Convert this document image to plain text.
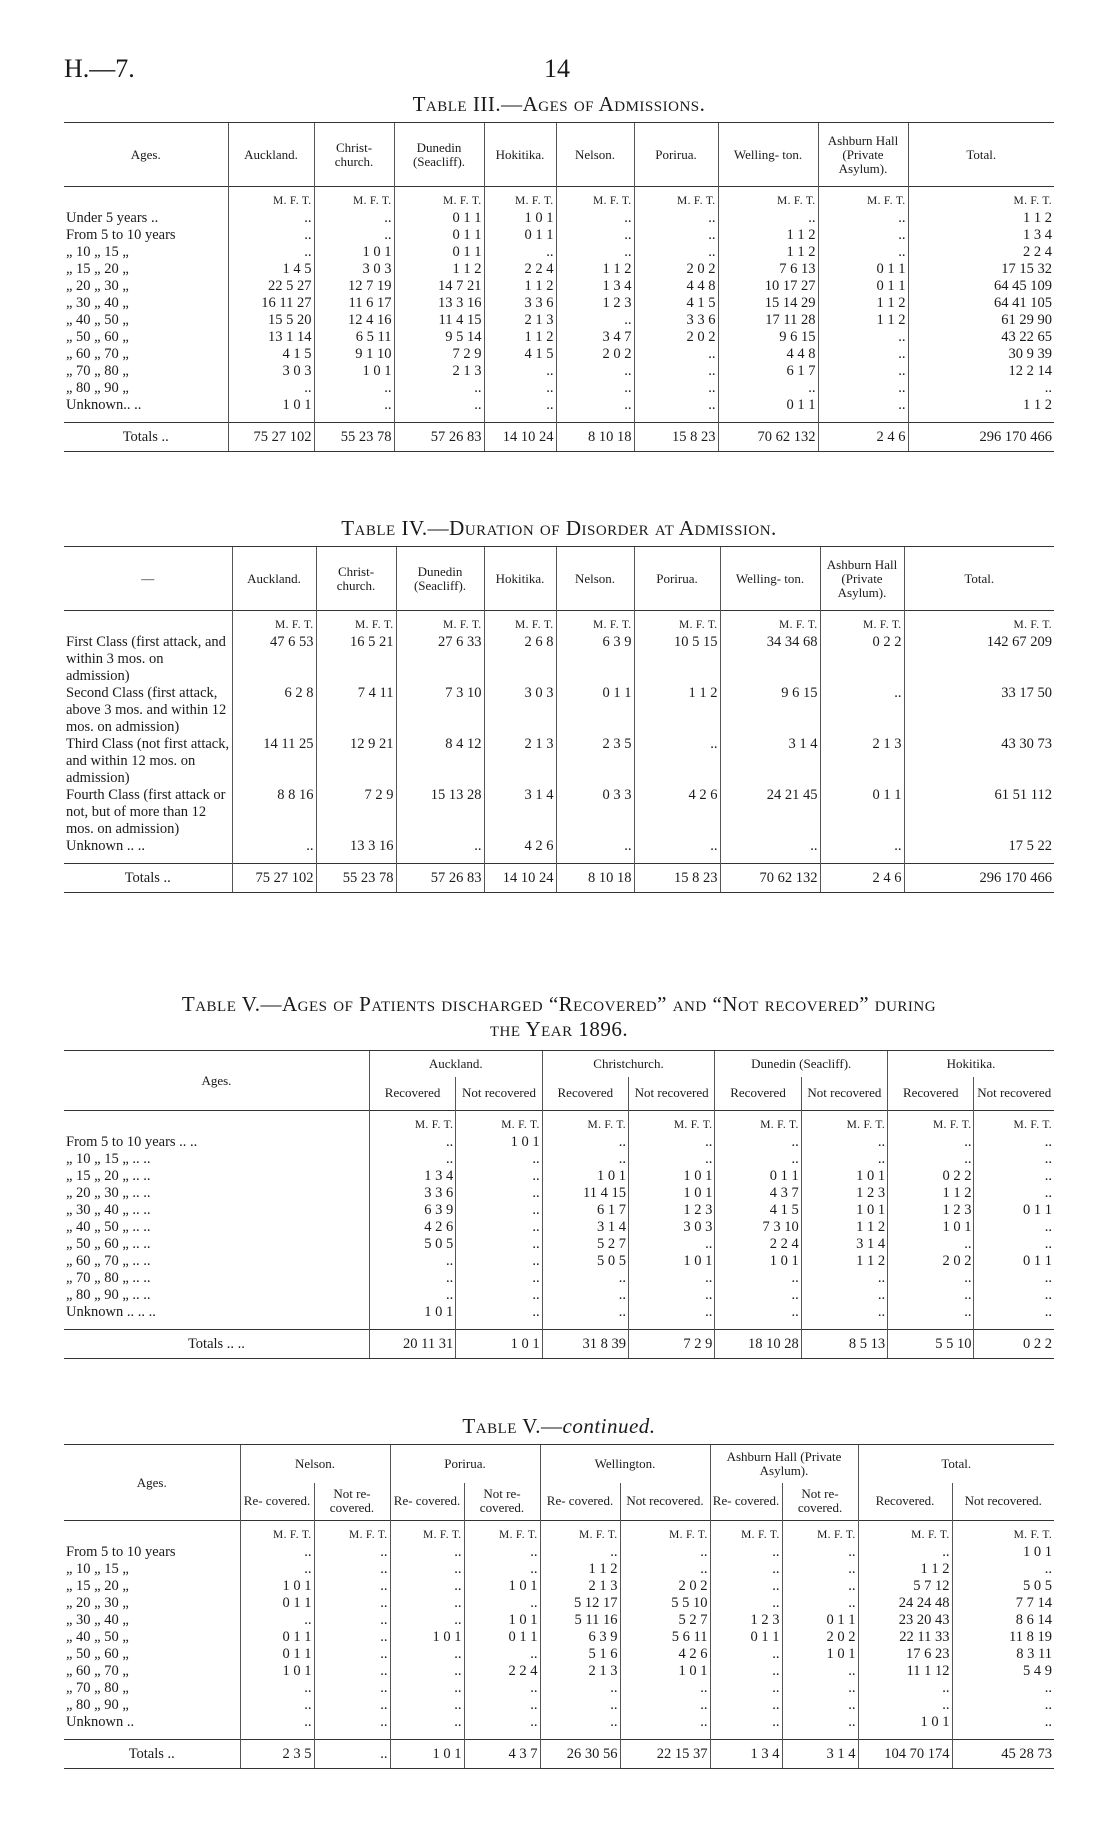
H.—7.	14
Table III.—Ages of Admissions.
Ages.	Auckland.	Christ- church.	Dunedin (Seacliff).	Hokitika.	Nelson.	Porirua.	Welling- ton.	Ashburn Hall (Private Asylum).	Total.
	M. F. T.	M. F. T.	M. F. T.	M. F. T.	M. F. T.	M. F. T.	M. F. T.	M. F. T.	M. F. T.
Under 5 years ..	..	..	0 1 1	1 0 1	..	..	..	..	1 1 2
From 5 to 10 years	..	..	0 1 1	0 1 1	..	..	1 1 2	..	1 3 4
„ 10 „ 15 „	..	1 0 1	0 1 1	..	..	..	1 1 2	..	2 2 4
„ 15 „ 20 „	1 4 5	3 0 3	1 1 2	2 2 4	1 1 2	2 0 2	7 6 13	0 1 1	17 15 32
„ 20 „ 30 „	22 5 27	12 7 19	14 7 21	1 1 2	1 3 4	4 4 8	10 17 27	0 1 1	64 45 109
„ 30 „ 40 „	16 11 27	11 6 17	13 3 16	3 3 6	1 2 3	4 1 5	15 14 29	1 1 2	64 41 105
„ 40 „ 50 „	15 5 20	12 4 16	11 4 15	2 1 3	..	3 3 6	17 11 28	1 1 2	61 29 90
„ 50 „ 60 „	13 1 14	6 5 11	9 5 14	1 1 2	3 4 7	2 0 2	9 6 15	..	43 22 65
„ 60 „ 70 „	4 1 5	9 1 10	7 2 9	4 1 5	2 0 2	..	4 4 8	..	30 9 39
„ 70 „ 80 „	3 0 3	1 0 1	2 1 3	..	..	..	6 1 7	..	12 2 14
„ 80 „ 90 „	..	..	..	..	..	..	..	..	..
Unknown.. ..	1 0 1	..	..	..	..	..	0 1 1	..	1 1 2

Totals ..	75 27 102	55 23 78	57 26 83	14 10 24	8 10 18	15 8 23	70 62 132	2 4 6	296 170 466
Table IV.—Duration of Disorder at Admission.
—	Auckland.	Christ- church.	Dunedin (Seacliff).	Hokitika.	Nelson.	Porirua.	Welling- ton.	Ashburn Hall (Private Asylum).	Total.
	M. F. T.	M. F. T.	M. F. T.	M. F. T.	M. F. T.	M. F. T.	M. F. T.	M. F. T.	M. F. T.
First Class (first attack, and within 3 mos. on admission)	47 6 53	16 5 21	27 6 33	2 6 8	6 3 9	10 5 15	34 34 68	0 2 2	142 67 209
Second Class (first attack, above 3 mos. and within 12 mos. on admission)	6 2 8	7 4 11	7 3 10	3 0 3	0 1 1	1 1 2	9 6 15	..	33 17 50
Third Class (not first attack, and within 12 mos. on admission)	14 11 25	12 9 21	8 4 12	2 1 3	2 3 5	..	3 1 4	2 1 3	43 30 73
Fourth Class (first attack or not, but of more than 12 mos. on admission)	8 8 16	7 2 9	15 13 28	3 1 4	0 3 3	4 2 6	24 21 45	0 1 1	61 51 112
Unknown .. ..	..	13 3 16	..	4 2 6	..	..	..	..	17 5 22

Totals ..	75 27 102	55 23 78	57 26 83	14 10 24	8 10 18	15 8 23	70 62 132	2 4 6	296 170 466
Table V.—Ages of Patients discharged “Recovered” and “Not recovered” during
the Year 1896.
Ages.	Auckland.		Christchurch.		Dunedin (Seacliff).		Hokitika.	
	Recovered	Not recovered	Recovered	Not recovered	Recovered	Not recovered	Recovered	Not recovered
	M. F. T.	M. F. T.	M. F. T.	M. F. T.	M. F. T.	M. F. T.	M. F. T.	M. F. T.
From 5 to 10 years .. ..	..	1 0 1	..	..	..	..	..	..
„ 10 „ 15 „ .. ..	..	..	..	..	..	..	..	..
„ 15 „ 20 „ .. ..	1 3 4	..	1 0 1	1 0 1	0 1 1	1 0 1	0 2 2	..
„ 20 „ 30 „ .. ..	3 3 6	..	11 4 15	1 0 1	4 3 7	1 2 3	1 1 2	..
„ 30 „ 40 „ .. ..	6 3 9	..	6 1 7	1 2 3	4 1 5	1 0 1	1 2 3	0 1 1
„ 40 „ 50 „ .. ..	4 2 6	..	3 1 4	3 0 3	7 3 10	1 1 2	1 0 1	..
„ 50 „ 60 „ .. ..	5 0 5	..	5 2 7	..	2 2 4	3 1 4	..	..
„ 60 „ 70 „ .. ..	..	..	5 0 5	1 0 1	1 0 1	1 1 2	2 0 2	0 1 1
„ 70 „ 80 „ .. ..	..	..	..	..	..	..	..	..
„ 80 „ 90 „ .. ..	..	..	..	..	..	..	..	..
Unknown .. .. ..	1 0 1	..	..	..	..	..	..	..

Totals .. ..	20 11 31	1 0 1	31 8 39	7 2 9	18 10 28	8 5 13	5 5 10	0 2 2
Table V.—continued.
Ages.	Nelson.		Porirua.		Wellington.		Ashburn Hall (Private Asylum).		Total.	
	Re- covered.	Not re- covered.	Re- covered.	Not re- covered.	Re- covered.	Not recovered.	Re- covered.	Not re- covered.	Recovered.	Not recovered.
	M. F. T.	M. F. T.	M. F. T.	M. F. T.	M. F. T.	M. F. T.	M. F. T.	M. F. T.	M. F. T.	M. F. T.
From 5 to 10 years	..	..	..	..	..	..	..	..	..	1 0 1
„ 10 „ 15 „	..	..	..	..	1 1 2	..	..	..	1 1 2	..
„ 15 „ 20 „	1 0 1	..	..	1 0 1	2 1 3	2 0 2	..	..	5 7 12	5 0 5
„ 20 „ 30 „	0 1 1	..	..	..	5 12 17	5 5 10	..	..	24 24 48	7 7 14
„ 30 „ 40 „	..	..	..	1 0 1	5 11 16	5 2 7	1 2 3	0 1 1	23 20 43	8 6 14
„ 40 „ 50 „	0 1 1	..	1 0 1	0 1 1	6 3 9	5 6 11	0 1 1	2 0 2	22 11 33	11 8 19
„ 50 „ 60 „	0 1 1	..	..	..	5 1 6	4 2 6	..	1 0 1	17 6 23	8 3 11
„ 60 „ 70 „	1 0 1	..	..	2 2 4	2 1 3	1 0 1	..	..	11 1 12	5 4 9
„ 70 „ 80 „	..	..	..	..	..	..	..	..	..	..
„ 80 „ 90 „	..	..	..	..	..	..	..	..	..	..
Unknown ..	..	..	..	..	..	..	..	..	1 0 1	..

Totals ..	2 3 5	..	1 0 1	4 3 7	26 30 56	22 15 37	1 3 4	3 1 4	104 70 174	45 28 73
